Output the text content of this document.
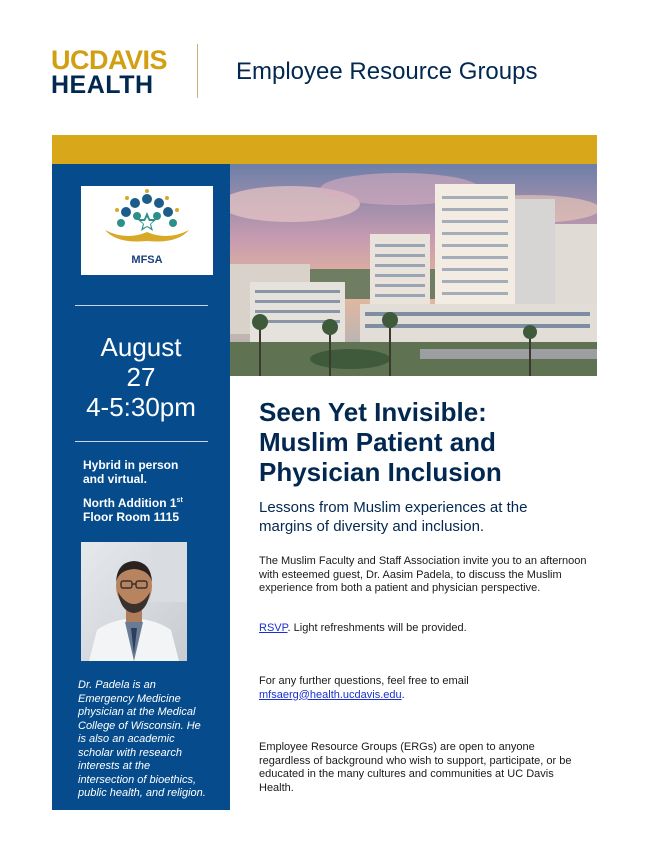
UCDAVIS
HEALTH	Employee Resource Groups
MFSA
August
27
4-5:30pm
Hybrid in person
and virtual.
North Addition 1st
Floor Room 1115
Dr. Padela is an Emergency Medicine physician at the Medical College of Wisconsin. He is also an academic scholar with research interests at the intersection of bioethics, public health, and religion.
Seen Yet Invisible:
Muslim Patient and
Physician Inclusion
Lessons from Muslim experiences at the margins of diversity and inclusion.
The Muslim Faculty and Staff Association invite you to an afternoon with esteemed guest, Dr. Aasim Padela, to discuss the Muslim experience from both a patient and physician perspective.
RSVP. Light refreshments will be provided.
For any further questions, feel free to email
mfsaerg@health.ucdavis.edu.
Employee Resource Groups (ERGs) are open to anyone regardless of background who wish to support, participate, or be educated in the many cultures and communities at UC Davis Health.
